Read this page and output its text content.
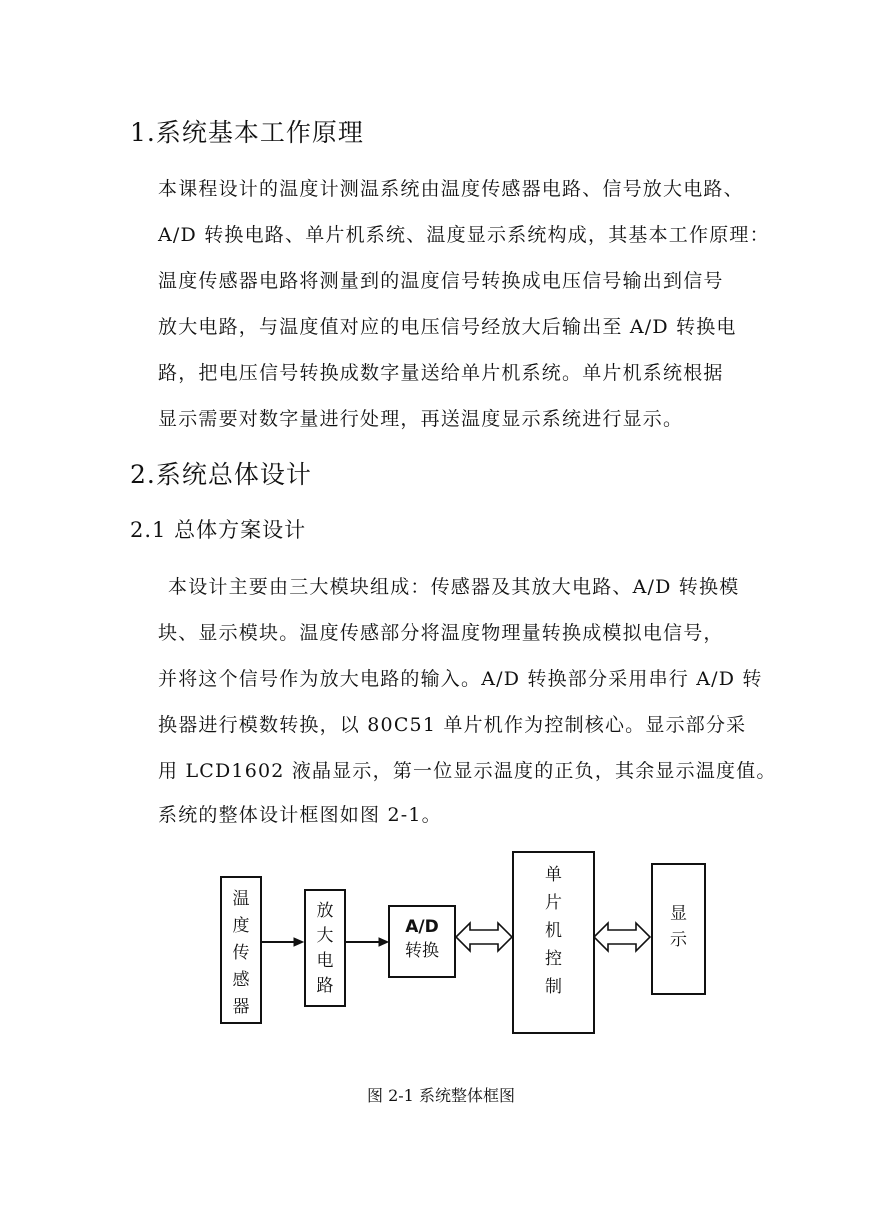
1.系统基本工作原理
本课程设计的温度计测温系统由温度传感器电路、信号放大电路、
A/D 转换电路、单片机系统、温度显示系统构成，其基本工作原理：
温度传感器电路将测量到的温度信号转换成电压信号输出到信号
放大电路，与温度值对应的电压信号经放大后输出至 A/D 转换电
路，把电压信号转换成数字量送给单片机系统。单片机系统根据
显示需要对数字量进行处理，再送温度显示系统进行显示。
2.系统总体设计
2.1 总体方案设计
本设计主要由三大模块组成：传感器及其放大电路、A/D 转换模
块、显示模块。温度传感部分将温度物理量转换成模拟电信号，
并将这个信号作为放大电路的输入。A/D 转换部分采用串行 A/D 转
换器进行模数转换，以 80C51 单片机作为控制核心。显示部分采
用 LCD1602 液晶显示，第一位显示温度的正负，其余显示温度值。
系统的整体设计框图如图 2-1。
温
度
传
感
器
放
大
电
路
A/D
转换
单
片
机
控
制
显
示
图 2-1 系统整体框图
